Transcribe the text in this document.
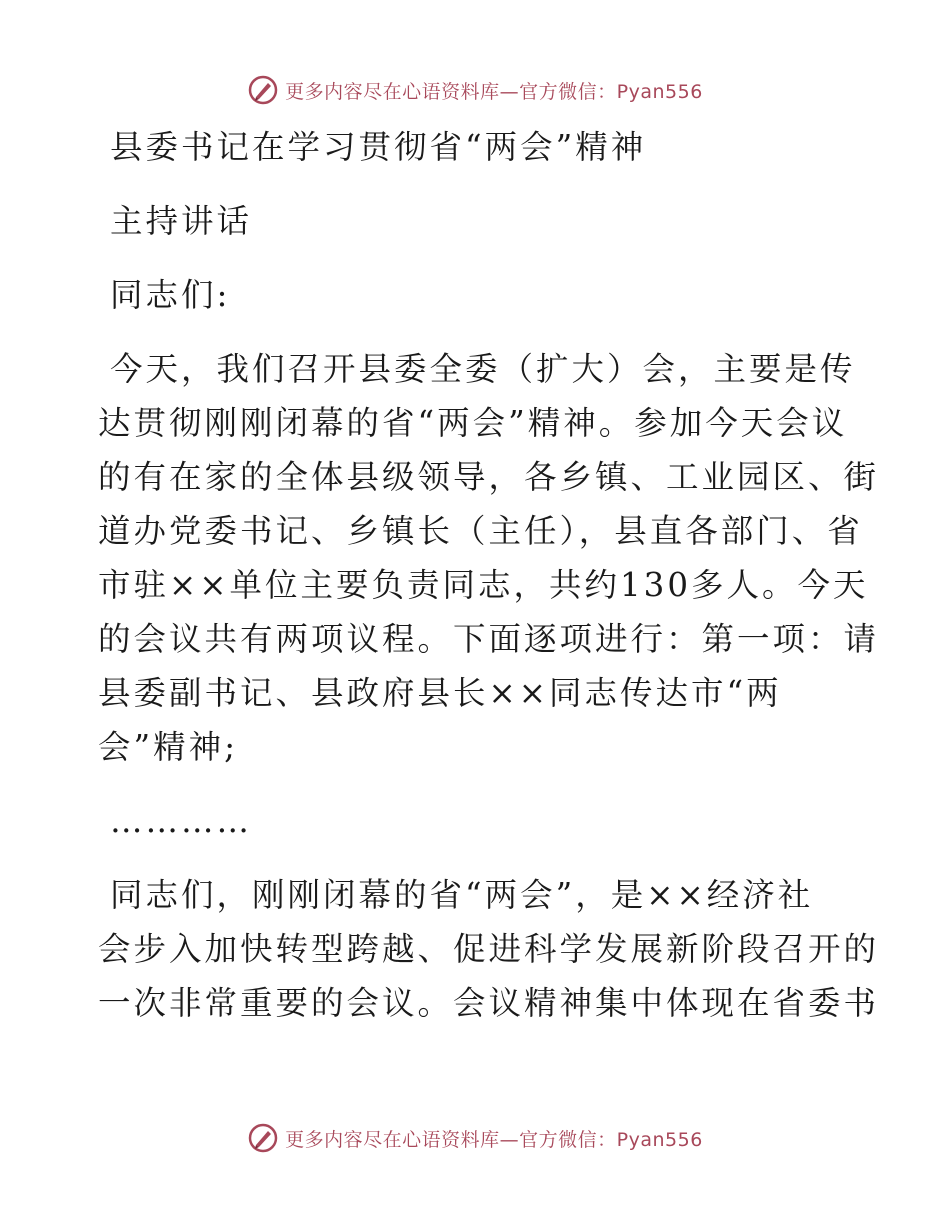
更多内容尽在心语资料库—官方微信：Pyan556
县委书记在学习贯彻省“两会”精神
主持讲话
同志们:
今天，我们召开县委全委（扩大）会，主要是传
达贯彻刚刚闭幕的省“两会”精神。参加今天会议
的有在家的全体县级领导，各乡镇、工业园区、街
道办党委书记、乡镇长（主任），县直各部门、省
市驻××单位主要负责同志，共约130多人。今天
的会议共有两项议程。下面逐项进行：第一项：请
县委副书记、县政府县长××同志传达市“两
会”精神;
…………
同志们，刚刚闭幕的省“两会”，是××经济社
会步入加快转型跨越、促进科学发展新阶段召开的
一次非常重要的会议。会议精神集中体现在省委书
更多内容尽在心语资料库—官方微信：Pyan556
